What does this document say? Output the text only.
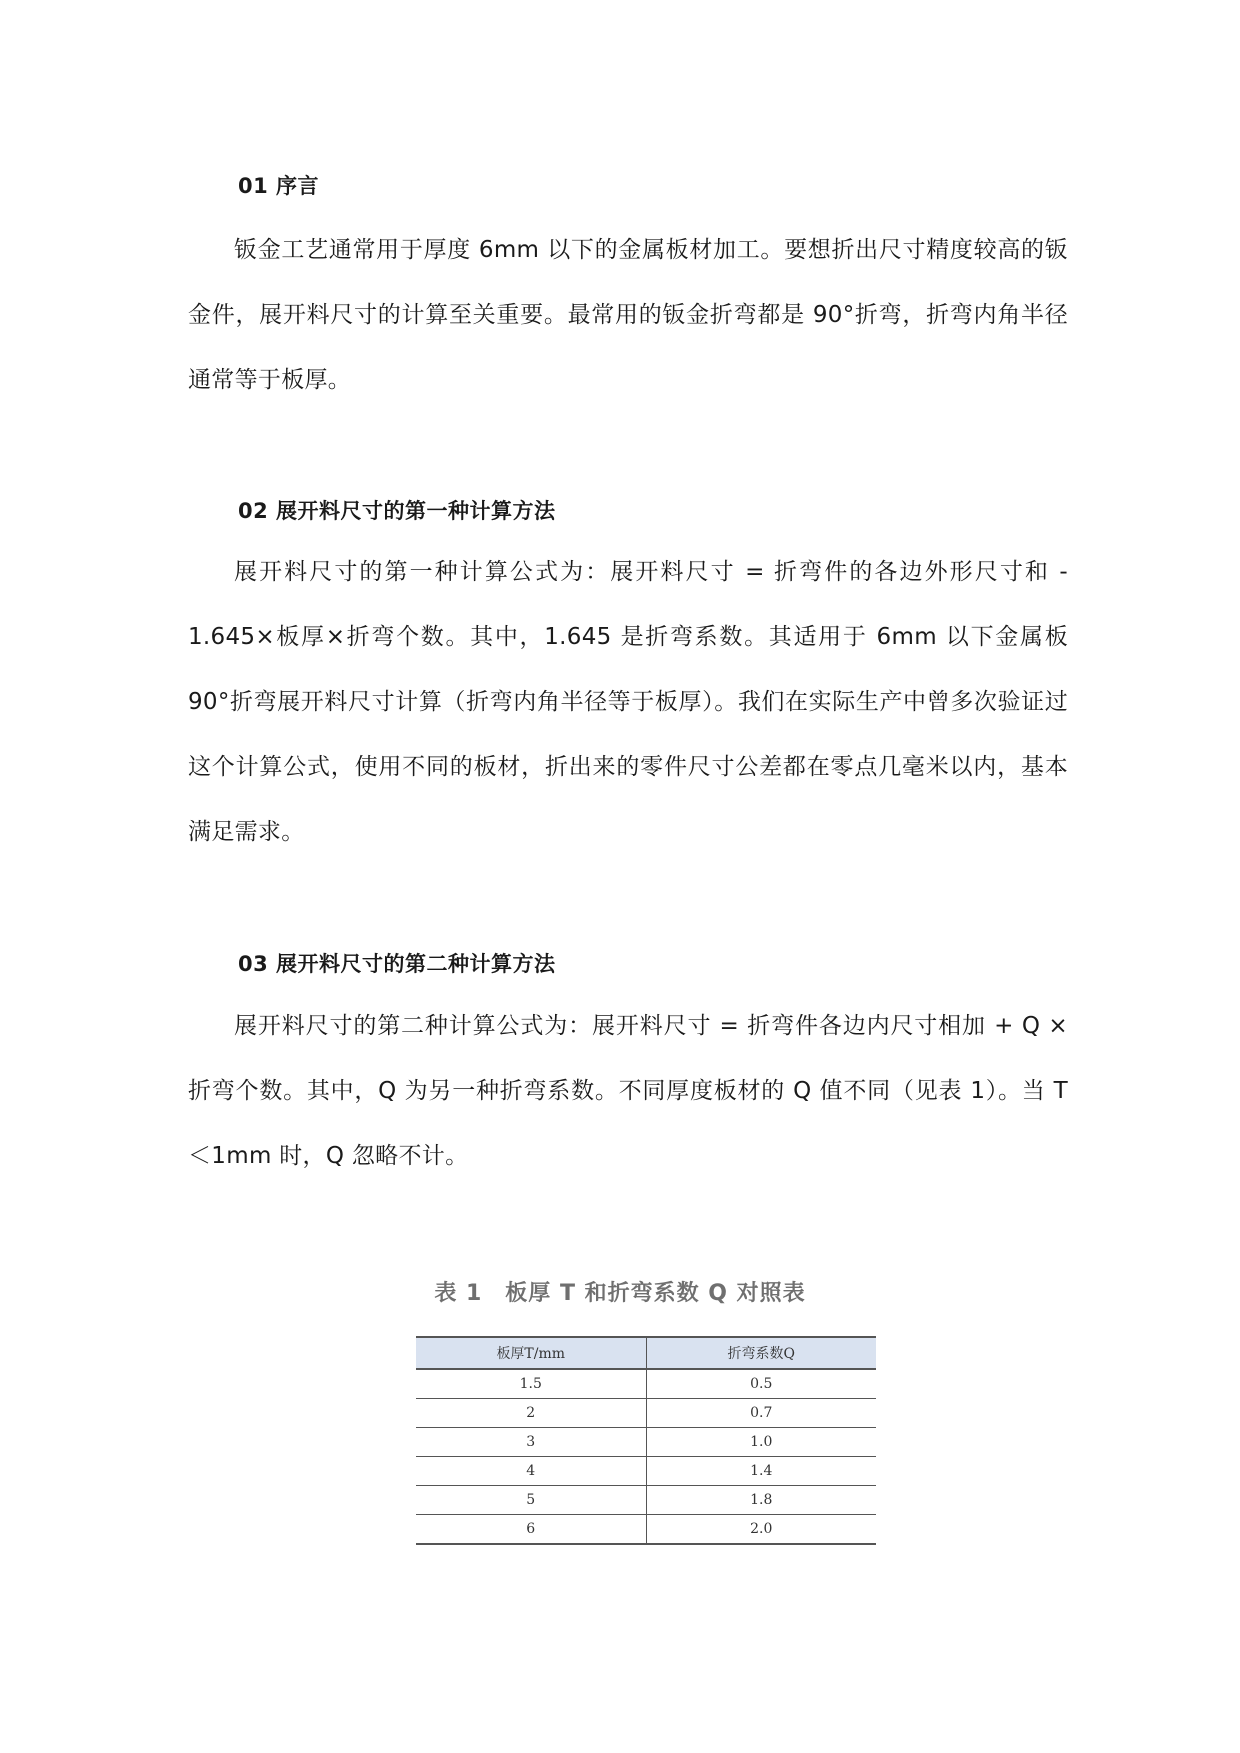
01 序言

钣金工艺通常用于厚度 6mm 以下的金属板材加工。要想折出尺寸精度较高的钣金件，展开料尺寸的计算至关重要。最常用的钣金折弯都是 90°折弯，折弯内角半径通常等于板厚。

02 展开料尺寸的第一种计算方法

展开料尺寸的第一种计算公式为：展开料尺寸 = 折弯件的各边外形尺寸和 - 1.645×板厚×折弯个数。其中，1.645 是折弯系数。其适用于 6mm 以下金属板 90°折弯展开料尺寸计算（折弯内角半径等于板厚）。我们在实际生产中曾多次验证过这个计算公式，使用不同的板材，折出来的零件尺寸公差都在零点几毫米以内，基本满足需求。

03 展开料尺寸的第二种计算方法

展开料尺寸的第二种计算公式为：展开料尺寸 = 折弯件各边内尺寸相加 + Q ×折弯个数。其中，Q 为另一种折弯系数。不同厚度板材的 Q 值不同（见表 1）。当 T ＜1mm 时，Q 忽略不计。

表 1　板厚 T 和折弯系数 Q 对照表
板厚T/mm	折弯系数Q
1.5	0.5
2	0.7
3	1.0
4	1.4
5	1.8
6	2.0
